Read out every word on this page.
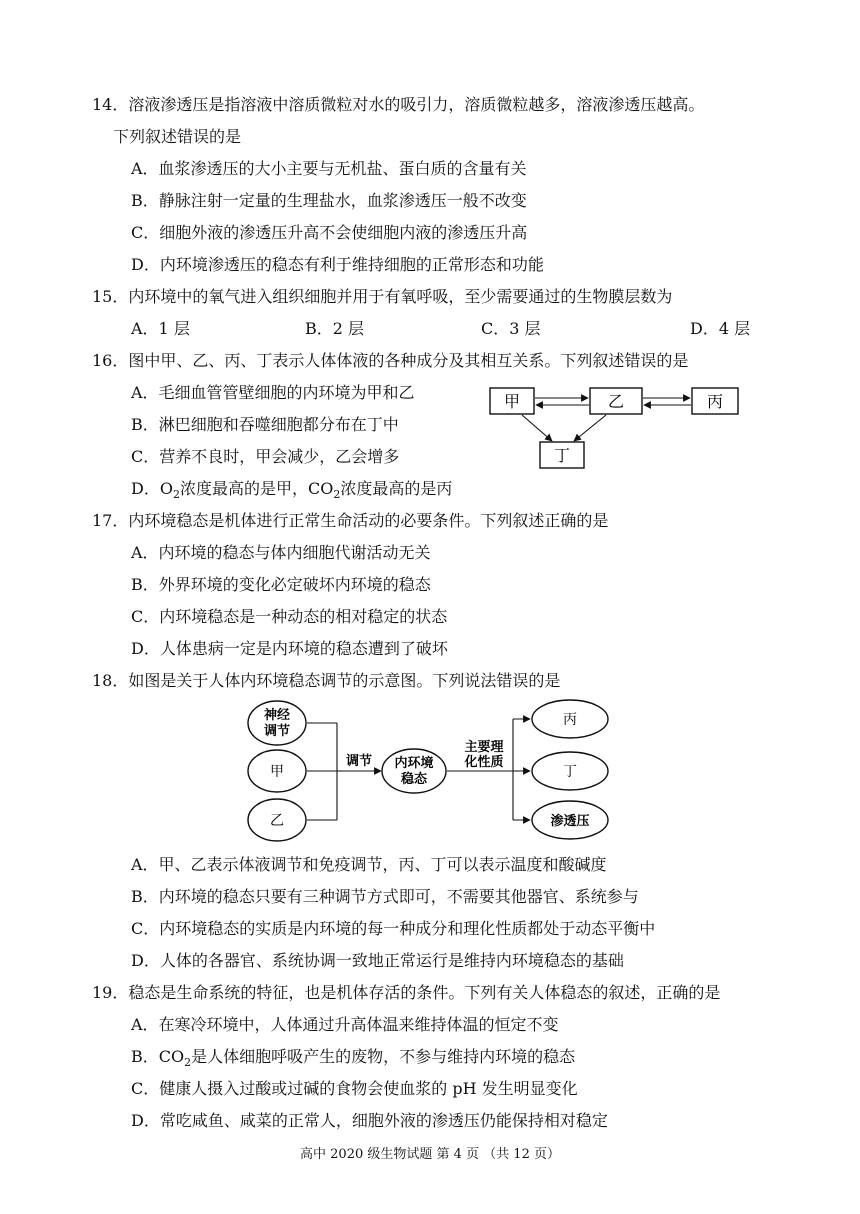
14．溶液渗透压是指溶液中溶质微粒对水的吸引力，溶质微粒越多，溶液渗透压越高。
下列叙述错误的是
A．血浆渗透压的大小主要与无机盐、蛋白质的含量有关
B．静脉注射一定量的生理盐水，血浆渗透压一般不改变
C．细胞外液的渗透压升高不会使细胞内液的渗透压升高
D．内环境渗透压的稳态有利于维持细胞的正常形态和功能
15．内环境中的氧气进入组织细胞并用于有氧呼吸，至少需要通过的生物膜层数为
A．1 层	B．2 层	C．3 层	D．4 层
16．图中甲、乙、丙、丁表示人体体液的各种成分及其相互关系。下列叙述错误的是
A．毛细血管管壁细胞的内环境为甲和乙
B．淋巴细胞和吞噬细胞都分布在丁中
C．营养不良时，甲会减少，乙会增多
D．$O_2$浓度最高的是甲，$CO_2$浓度最高的是丙
甲	乙	丙
丁
17．内环境稳态是机体进行正常生命活动的必要条件。下列叙述正确的是
A．内环境的稳态与体内细胞代谢活动无关
B．外界环境的变化必定破坏内环境的稳态
C．内环境稳态是一种动态的相对稳定的状态
D．人体患病一定是内环境的稳态遭到了破坏
18．如图是关于人体内环境稳态调节的示意图。下列说法错误的是
神经
调节
甲
乙
调节 内环境
稳态
主要理
化性质
丙
丁
渗透压
A．甲、乙表示体液调节和免疫调节，丙、丁可以表示温度和酸碱度
B．内环境的稳态只要有三种调节方式即可，不需要其他器官、系统参与
C．内环境稳态的实质是内环境的每一种成分和理化性质都处于动态平衡中
D．人体的各器官、系统协调一致地正常运行是维持内环境稳态的基础
19．稳态是生命系统的特征，也是机体存活的条件。下列有关人体稳态的叙述，正确的是
A．在寒冷环境中，人体通过升高体温来维持体温的恒定不变
B．$CO_2$是人体细胞呼吸产生的废物，不参与维持内环境的稳态
C．健康人摄入过酸或过碱的食物会使血浆的 pH 发生明显变化
D．常吃咸鱼、咸菜的正常人，细胞外液的渗透压仍能保持相对稳定
高中 2020 级生物试题 第 4 页 （共 12 页）
